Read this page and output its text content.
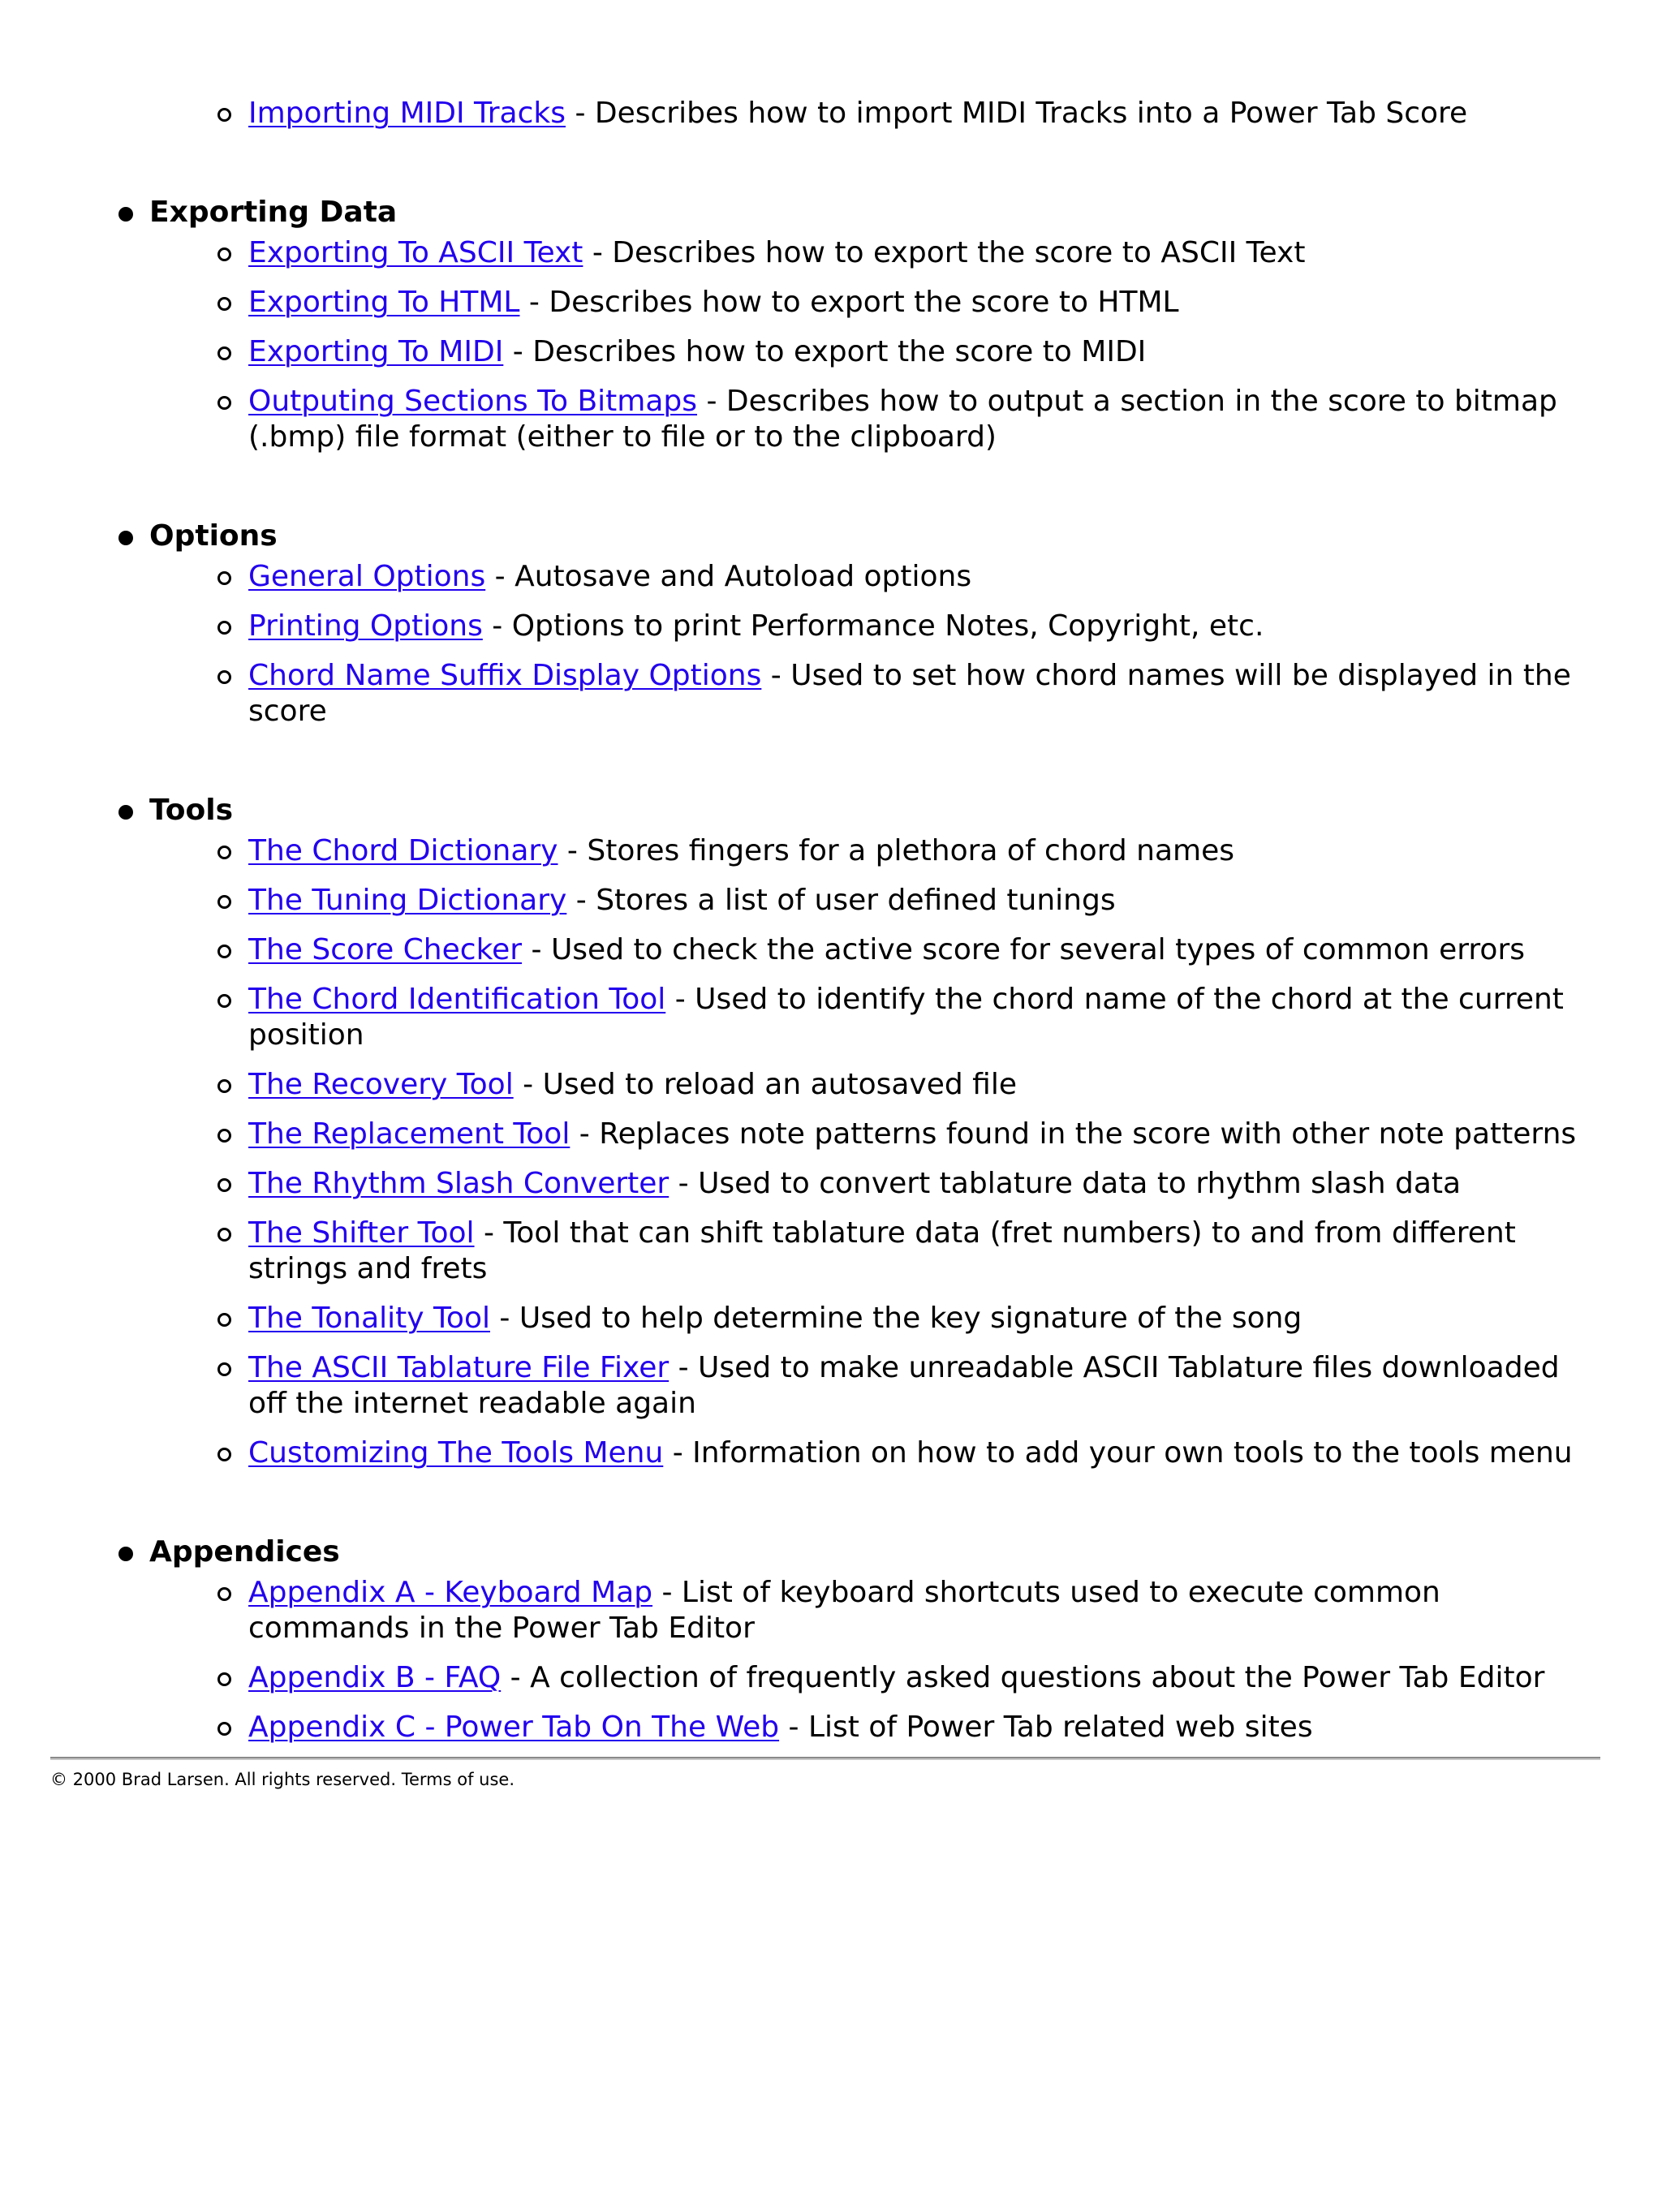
Importing MIDI Tracks - Describes how to import MIDI Tracks into a Power Tab Score
Exporting Data
Exporting To ASCII Text - Describes how to export the score to ASCII Text
Exporting To HTML - Describes how to export the score to HTML
Exporting To MIDI - Describes how to export the score to MIDI
Outputing Sections To Bitmaps - Describes how to output a section in the score to bitmap (.bmp) file format (either to file or to the clipboard)
Options
General Options - Autosave and Autoload options
Printing Options - Options to print Performance Notes, Copyright, etc.
Chord Name Suffix Display Options - Used to set how chord names will be displayed in the score
Tools
The Chord Dictionary - Stores fingers for a plethora of chord names
The Tuning Dictionary - Stores a list of user defined tunings
The Score Checker - Used to check the active score for several types of common errors
The Chord Identification Tool - Used to identify the chord name of the chord at the current position
The Recovery Tool - Used to reload an autosaved file
The Replacement Tool - Replaces note patterns found in the score with other note patterns
The Rhythm Slash Converter - Used to convert tablature data to rhythm slash data
The Shifter Tool - Tool that can shift tablature data (fret numbers) to and from different strings and frets
The Tonality Tool - Used to help determine the key signature of the song
The ASCII Tablature File Fixer - Used to make unreadable ASCII Tablature files downloaded off the internet readable again
Customizing The Tools Menu - Information on how to add your own tools to the tools menu
Appendices
Appendix A - Keyboard Map - List of keyboard shortcuts used to execute common commands in the Power Tab Editor
Appendix B - FAQ - A collection of frequently asked questions about the Power Tab Editor
Appendix C - Power Tab On The Web - List of Power Tab related web sites
© 2000 Brad Larsen. All rights reserved. Terms of use.
